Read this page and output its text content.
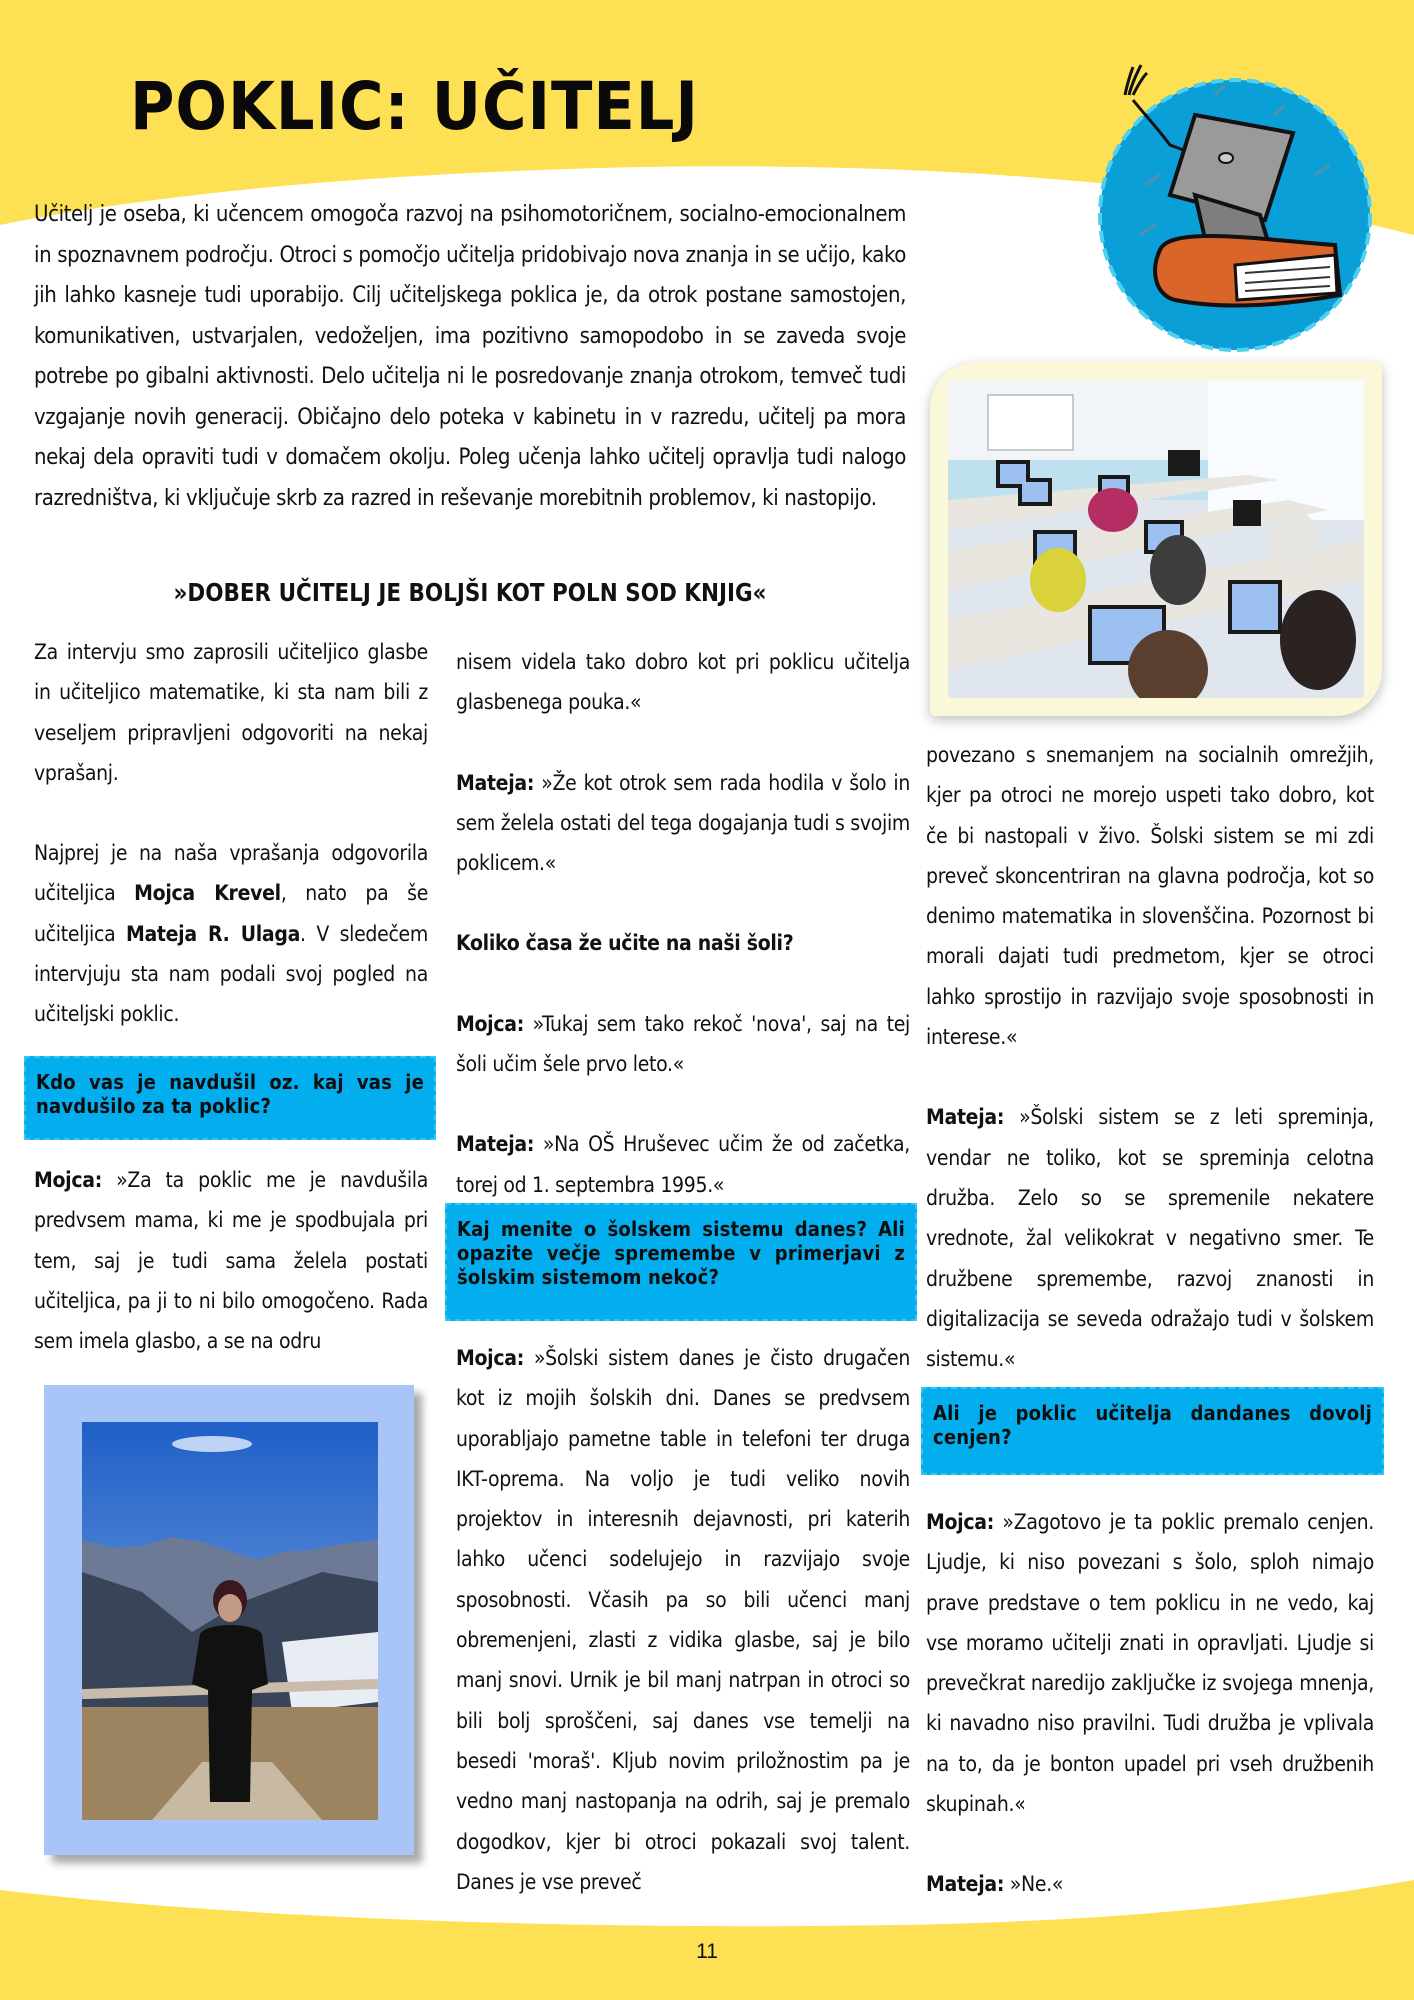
POKLIC: UČITELJ
Učitelj je oseba, ki učencem omogoča razvoj na psihomotoričnem, socialno-emocionalnem in spoznavnem področju. Otroci s pomočjo učitelja pridobivajo nova znanja in se učijo, kako jih lahko kasneje tudi uporabijo. Cilj učiteljskega poklica je, da otrok postane samostojen, komunikativen, ustvarjalen, vedoželjen, ima pozitivno samopodobo in se zaveda svoje potrebe po gibalni aktivnosti. Delo učitelja ni le posredovanje znanja otrokom, temveč tudi vzgajanje novih generacij. Običajno delo poteka v kabinetu in v razredu, učitelj pa mora nekaj dela opraviti tudi v domačem okolju. Poleg učenja lahko učitelj opravlja tudi nalogo razredništva, ki vključuje skrb za razred in reševanje morebitnih problemov, ki nastopijo.
»DOBER UČITELJ JE BOLJŠI KOT POLN SOD KNJIG«

Za intervju smo zaprosili učiteljico glasbe in učiteljico matematike, ki sta nam bili z veseljem pripravljeni odgovoriti na nekaj vprašanj.

Najprej je na naša vprašanja odgovorila učiteljica Mojca Krevel, nato pa še učiteljica Mateja R. Ulaga. V sledečem intervjuju sta nam podali svoj pogled na učiteljski poklic.

Kdo vas je navdušil oz. kaj vas je navdušilo za ta poklic?

Mojca: »Za ta poklic me je navdušila predvsem mama, ki me je spodbujala pri tem, saj je tudi sama želela postati učiteljica, pa ji to ni bilo omogočeno. Rada sem imela glasbo, a se na odru

nisem videla tako dobro kot pri poklicu učitelja glasbenega pouka.«

Mateja: »Že kot otrok sem rada hodila v šolo in sem želela ostati del tega dogajanja tudi s svojim poklicem.«

Koliko časa že učite na naši šoli?

Mojca: »Tukaj sem tako rekoč 'nova', saj na tej šoli učim šele prvo leto.«

Mateja: »Na OŠ Hruševec učim že od začetka, torej od 1. septembra 1995.«

Kaj menite o šolskem sistemu danes? Ali opazite večje spremembe v primerjavi z šolskim sistemom nekoč?

Mojca: »Šolski sistem danes je čisto drugačen kot iz mojih šolskih dni. Danes se predvsem uporabljajo pametne table in telefoni ter druga IKT-oprema. Na voljo je tudi veliko novih projektov in interesnih dejavnosti, pri katerih lahko učenci sodelujejo in razvijajo svoje sposobnosti. Včasih pa so bili učenci manj obremenjeni, zlasti z vidika glasbe, saj je bilo manj snovi. Urnik je bil manj natrpan in otroci so bili bolj sproščeni, saj danes vse temelji na besedi 'moraš'. Kljub novim priložnostim pa je vedno manj nastopanja na odrih, saj je premalo dogodkov, kjer bi otroci pokazali svoj talent. Danes je vse preveč

povezano s snemanjem na socialnih omrežjih, kjer pa otroci ne morejo uspeti tako dobro, kot če bi nastopali v živo. Šolski sistem se mi zdi preveč skoncentriran na glavna področja, kot so denimo matematika in slovenščina. Pozornost bi morali dajati tudi predmetom, kjer se otroci lahko sprostijo in razvijajo svoje sposobnosti in interese.«

Mateja: »Šolski sistem se z leti spreminja, vendar ne toliko, kot se spreminja celotna družba. Zelo so se spremenile nekatere vrednote, žal velikokrat v negativno smer. Te družbene spremembe, razvoj znanosti in digitalizacija se seveda odražajo tudi v šolskem sistemu.«

Ali je poklic učitelja dandanes dovolj cenjen?

Mojca: »Zagotovo je ta poklic premalo cenjen. Ljudje, ki niso povezani s šolo, sploh nimajo prave predstave o tem poklicu in ne vedo, kaj vse moramo učitelji znati in opravljati. Ljudje si prevečkrat naredijo zaključke iz svojega mnenja, ki navadno niso pravilni. Tudi družba je vplivala na to, da je bonton upadel pri vseh družbenih skupinah.«

Mateja: »Ne.«

11
